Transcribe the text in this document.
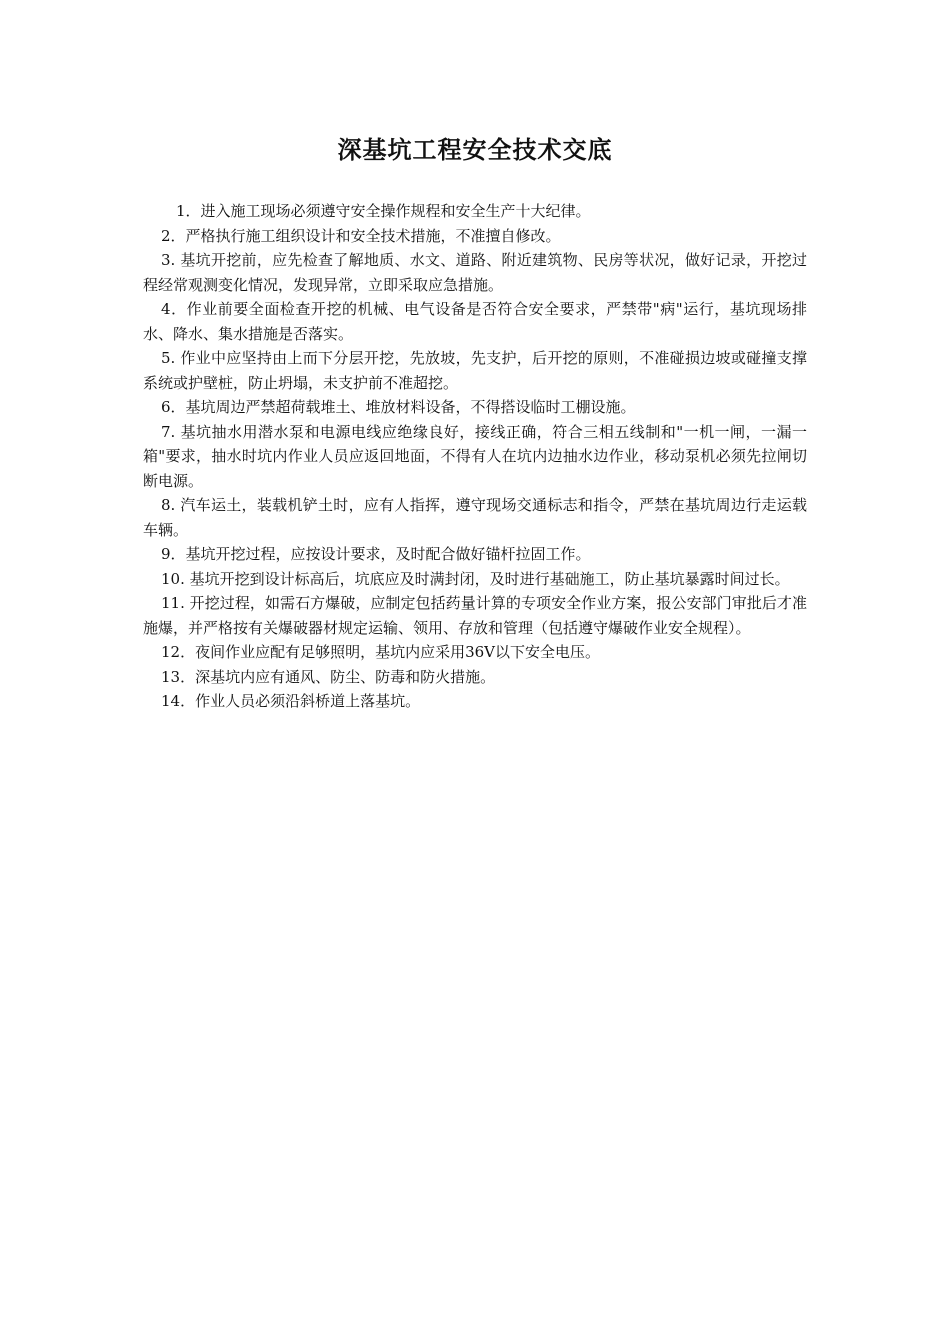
深基坑工程安全技术交底

1．进入施工现场必须遵守安全操作规程和安全生产十大纪律。

2．严格执行施工组织设计和安全技术措施，不准擅自修改。

3. 基坑开挖前，应先检查了解地质、水文、道路、附近建筑物、民房等状况，做好记录，开挖过程经常观测变化情况，发现异常，立即采取应急措施。

4．作业前要全面检查开挖的机械、电气设备是否符合安全要求，严禁带"病"运行，基坑现场排水、降水、集水措施是否落实。

5. 作业中应坚持由上而下分层开挖，先放坡，先支护，后开挖的原则，不准碰损边坡或碰撞支撑系统或护壁桩，防止坍塌，未支护前不准超挖。

6．基坑周边严禁超荷载堆土、堆放材料设备，不得搭设临时工棚设施。

7. 基坑抽水用潜水泵和电源电线应绝缘良好，接线正确，符合三相五线制和"一机一闸，一漏一箱"要求，抽水时坑内作业人员应返回地面，不得有人在坑内边抽水边作业，移动泵机必须先拉闸切断电源。

8. 汽车运土，装载机铲土时，应有人指挥，遵守现场交通标志和指令，严禁在基坑周边行走运载车辆。

9．基坑开挖过程，应按设计要求，及时配合做好锚杆拉固工作。

10. 基坑开挖到设计标高后，坑底应及时满封闭，及时进行基础施工，防止基坑暴露时间过长。

11. 开挖过程，如需石方爆破，应制定包括药量计算的专项安全作业方案，报公安部门审批后才准施爆，并严格按有关爆破器材规定运输、领用、存放和管理（包括遵守爆破作业安全规程）。

12．夜间作业应配有足够照明，基坑内应采用36V以下安全电压。

13．深基坑内应有通风、防尘、防毒和防火措施。

14．作业人员必须沿斜桥道上落基坑。
